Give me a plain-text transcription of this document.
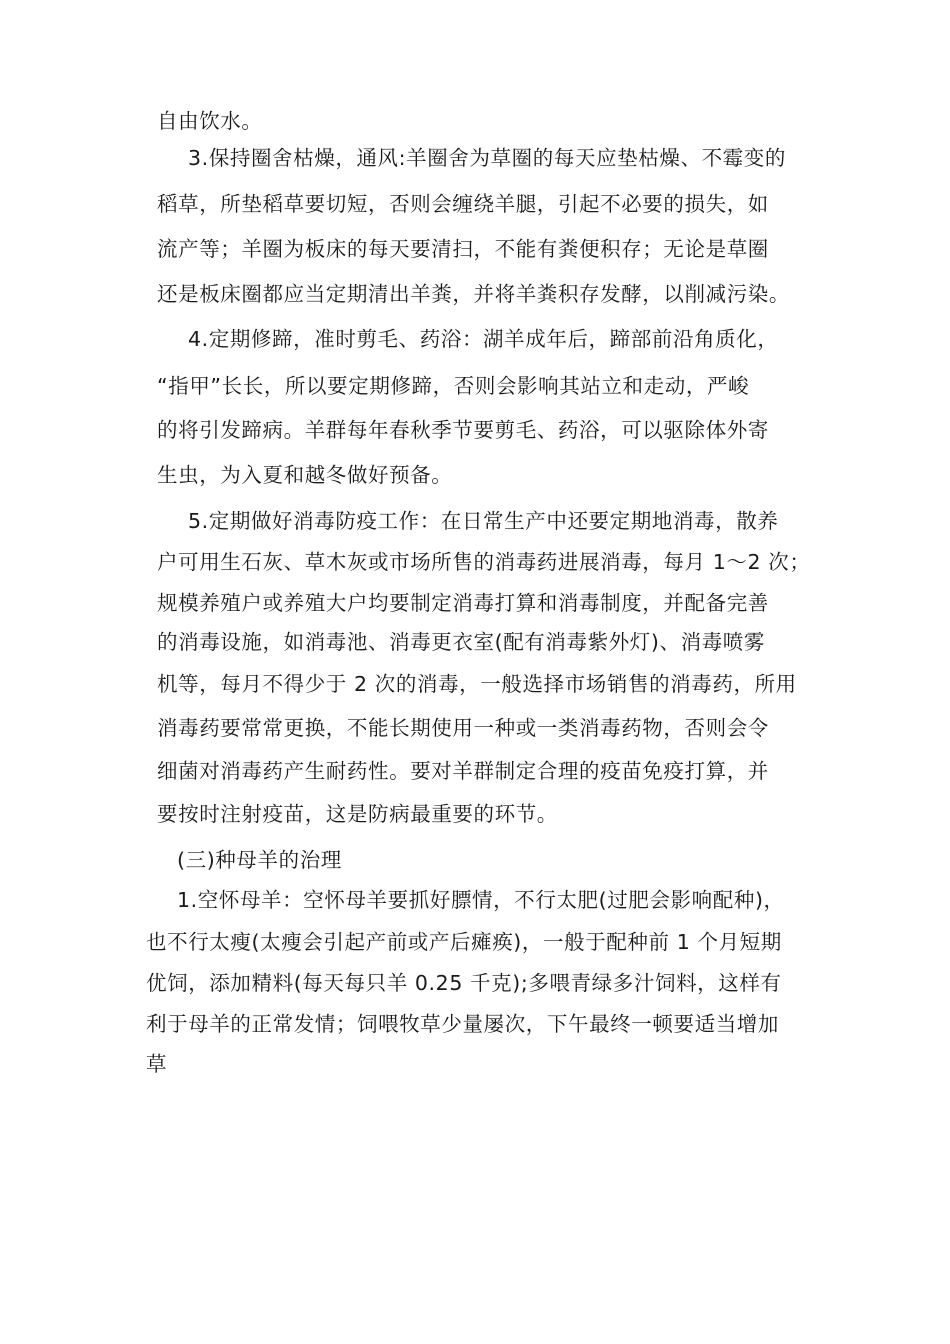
自由饮水。
3.保持圈舍枯燥，通风:羊圈舍为草圈的每天应垫枯燥、不霉变的
稻草，所垫稻草要切短，否则会缠绕羊腿，引起不必要的损失，如
流产等；羊圈为板床的每天要清扫，不能有粪便积存；无论是草圈
还是板床圈都应当定期清出羊粪，并将羊粪积存发酵，以削减污染。
4.定期修蹄，准时剪毛、药浴：湖羊成年后，蹄部前沿角质化，
“指甲”长长，所以要定期修蹄，否则会影响其站立和走动，严峻
的将引发蹄病。羊群每年春秋季节要剪毛、药浴，可以驱除体外寄
生虫，为入夏和越冬做好预备。
5.定期做好消毒防疫工作：在日常生产中还要定期地消毒，散养
户可用生石灰、草木灰或市场所售的消毒药进展消毒，每月 1～2 次；
规模养殖户或养殖大户均要制定消毒打算和消毒制度，并配备完善
的消毒设施，如消毒池、消毒更衣室(配有消毒紫外灯)、消毒喷雾
机等，每月不得少于 2 次的消毒，一般选择市场销售的消毒药，所用
消毒药要常常更换，不能长期使用一种或一类消毒药物，否则会令
细菌对消毒药产生耐药性。要对羊群制定合理的疫苗免疫打算，并
要按时注射疫苗，这是防病最重要的环节。
(三)种母羊的治理
1.空怀母羊：空怀母羊要抓好膘情，不行太肥(过肥会影响配种)，
也不行太瘦(太瘦会引起产前或产后瘫痪)，一般于配种前 1 个月短期
优饲，添加精料(每天每只羊 0.25 千克);多喂青绿多汁饲料，这样有
利于母羊的正常发情；饲喂牧草少量屡次，下午最终一顿要适当增加
草
